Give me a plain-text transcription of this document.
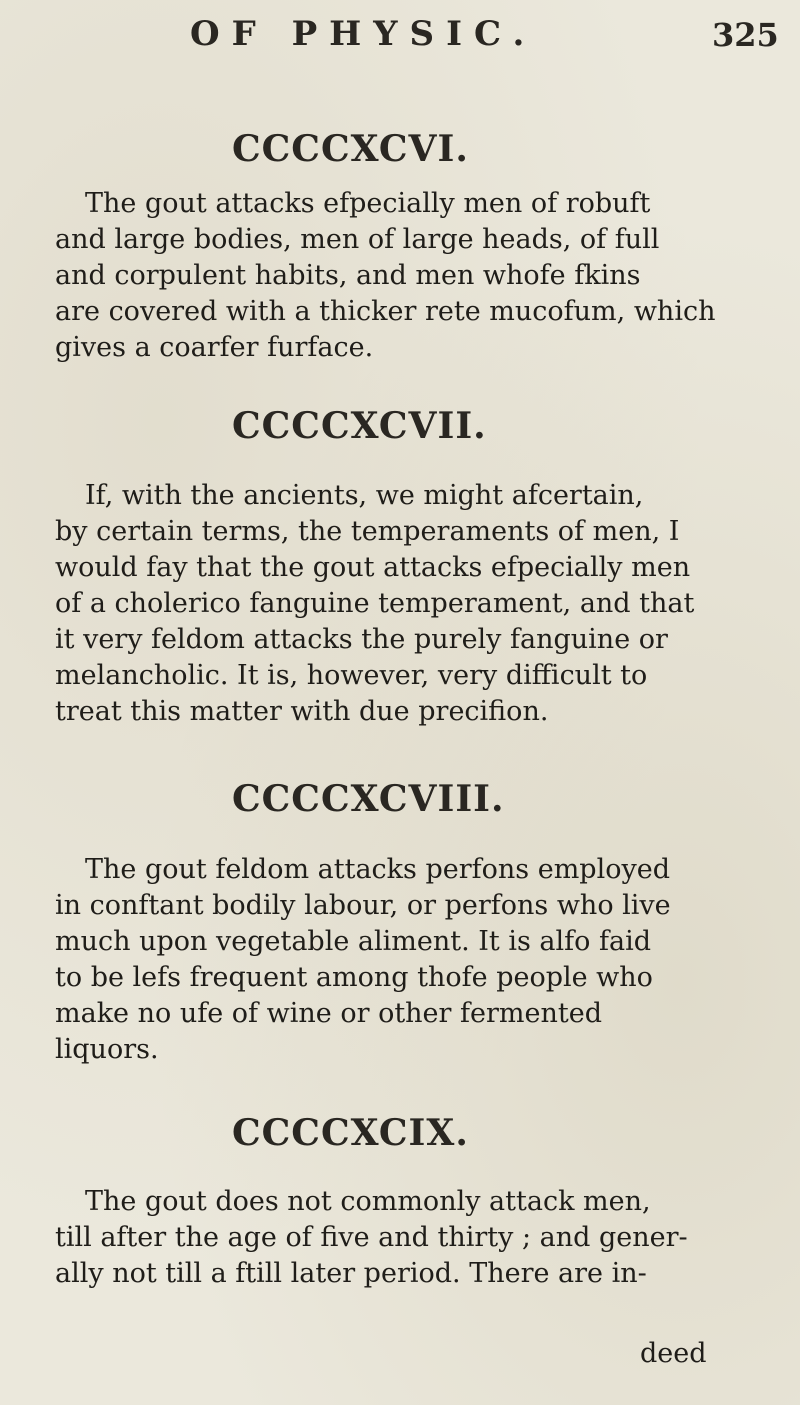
OF PHYSIC.	325
CCCCXCVI.
The gout attacks efpecially men of robuft
and large bodies, men of large heads, of full
and corpulent habits, and men whofe fkins
are covered with a thicker rete mucofum, which
gives a coarfer furface.
CCCCXCVII.
If, with the ancients, we might afcertain,
by certain terms, the temperaments of men, I
would fay that the gout attacks efpecially men
of a cholerico fanguine temperament, and that
it very feldom attacks the purely fanguine or
melancholic. It is, however, very difficult to
treat this matter with due precifion.
CCCCXCVIII.
The gout feldom attacks perfons employed
in conftant bodily labour, or perfons who live
much upon vegetable aliment. It is alfo faid
to be lefs frequent among thofe people who
make no ufe of wine or other fermented
liquors.
CCCCXCIX.
The gout does not commonly attack men,
till after the age of five and thirty ; and gener-
ally not till a ftill later period. There are in-
deed
